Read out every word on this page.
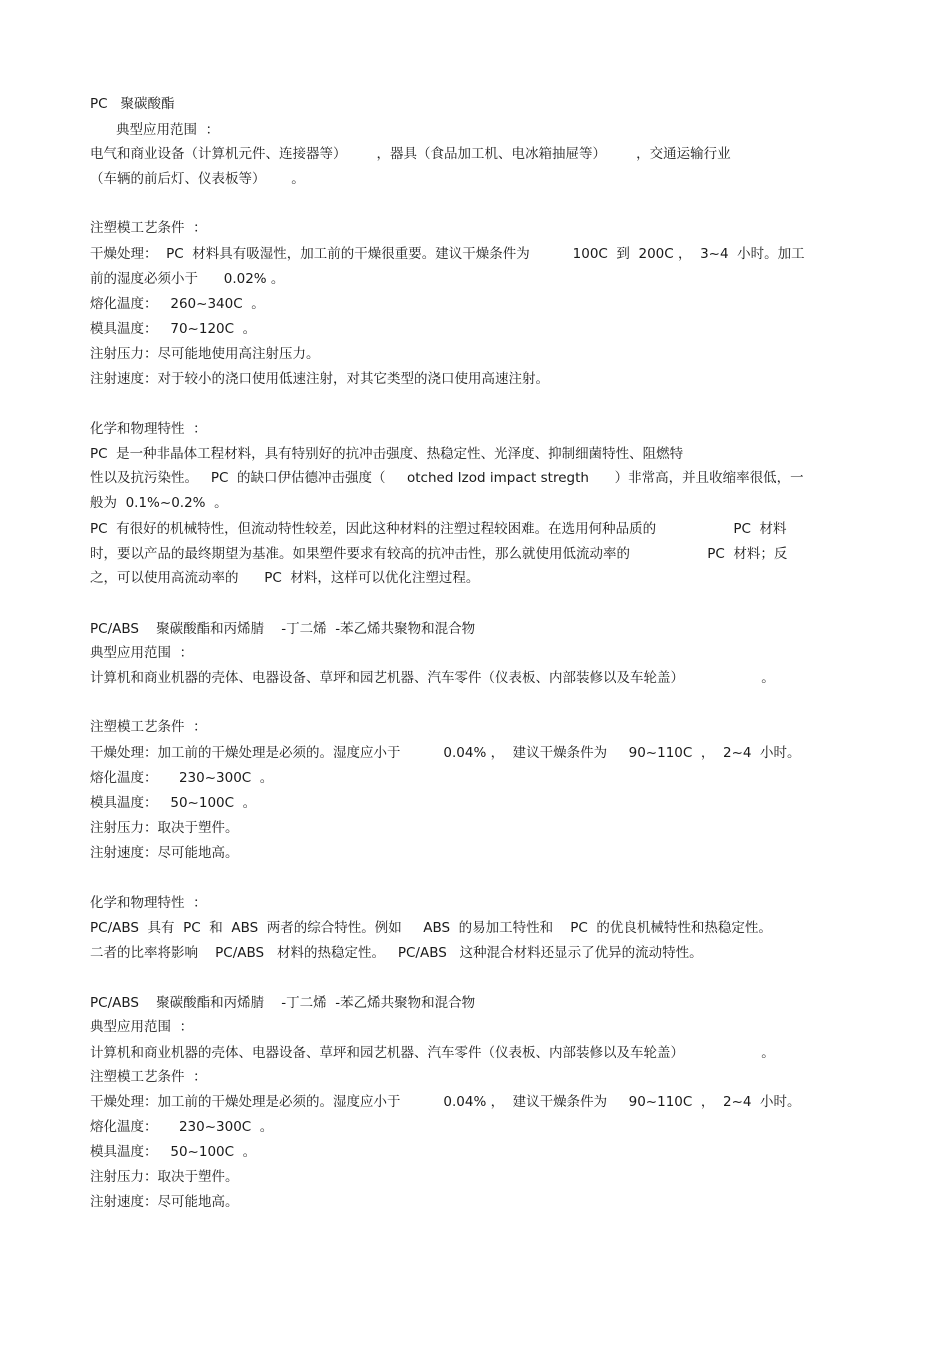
PC   聚碳酸酯
典型应用范围  ：
电气和商业设备（计算机元件、连接器等）       ，器具（食品加工机、电冰箱抽屉等）       ，交通运输行业
（车辆的前后灯、仪表板等）      。
注塑模工艺条件  ：
干燥处理：  PC  材料具有吸湿性，加工前的干燥很重要。建议干燥条件为          100C  到  200C ，  3~4  小时。加工
前的湿度必须小于      0.02% 。
熔化温度：   260~340C  。
模具温度：   70~120C  。
注射压力：尽可能地使用高注射压力。
注射速度：对于较小的浇口使用低速注射，对其它类型的浇口使用高速注射。
化学和物理特性  ：
PC  是一种非晶体工程材料，具有特别好的抗冲击强度、热稳定性、光泽度、抑制细菌特性、阻燃特
性以及抗污染性。   PC  的缺口伊估德冲击强度（     otched Izod impact stregth      ）非常高，并且收缩率很低，一
般为  0.1%~0.2%  。
PC  有很好的机械特性，但流动特性较差，因此这种材料的注塑过程较困难。在选用何种品质的                  PC  材料
时，要以产品的最终期望为基准。如果塑件要求有较高的抗冲击性，那么就使用低流动率的                  PC  材料；反
之，可以使用高流动率的      PC  材料，这样可以优化注塑过程。
PC/ABS    聚碳酸酯和丙烯腈    -丁二烯  -苯乙烯共聚物和混合物
典型应用范围  ：
计算机和商业机器的壳体、电器设备、草坪和园艺机器、汽车零件（仪表板、内部装修以及车轮盖）                  。
注塑模工艺条件  ：
干燥处理：加工前的干燥处理是必须的。湿度应小于          0.04% ，  建议干燥条件为     90~110C  ，  2~4  小时。
熔化温度：     230~300C  。
模具温度：   50~100C  。
注射压力：取决于塑件。
注射速度：尽可能地高。
化学和物理特性  ：
PC/ABS  具有  PC  和  ABS  两者的综合特性。例如     ABS  的易加工特性和    PC  的优良机械特性和热稳定性。
二者的比率将影响    PC/ABS   材料的热稳定性。   PC/ABS   这种混合材料还显示了优异的流动特性。
PC/ABS    聚碳酸酯和丙烯腈    -丁二烯  -苯乙烯共聚物和混合物
典型应用范围  ：
计算机和商业机器的壳体、电器设备、草坪和园艺机器、汽车零件（仪表板、内部装修以及车轮盖）                  。
注塑模工艺条件  ：
干燥处理：加工前的干燥处理是必须的。湿度应小于          0.04% ，  建议干燥条件为     90~110C  ，  2~4  小时。
熔化温度：     230~300C  。
模具温度：   50~100C  。
注射压力：取决于塑件。
注射速度：尽可能地高。
